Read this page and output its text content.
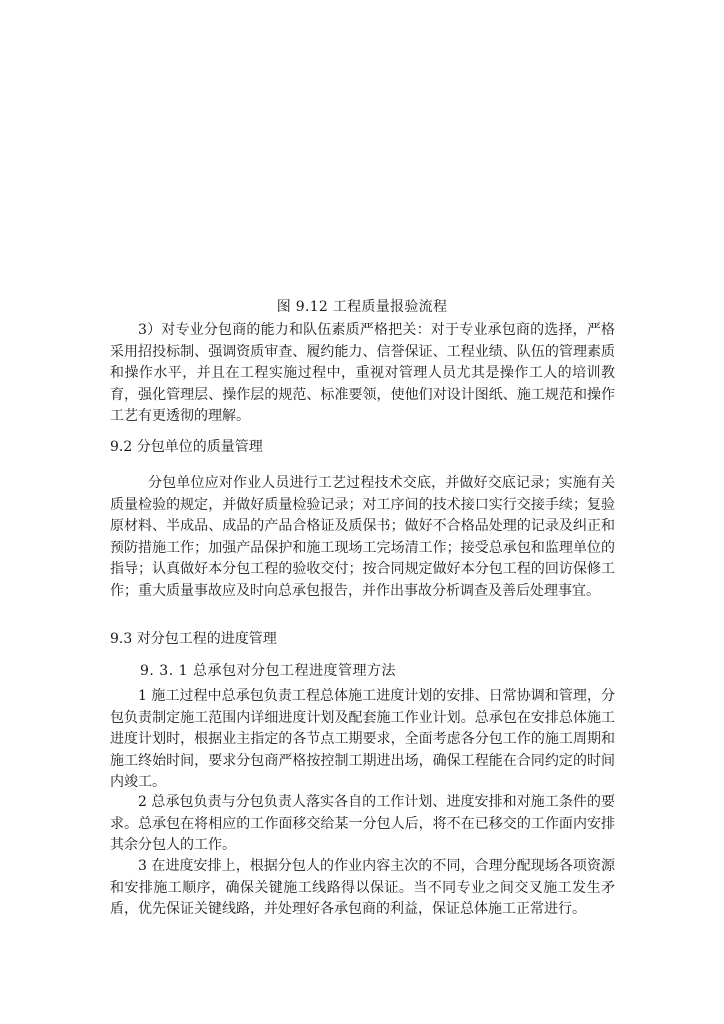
图 9.12 工程质量报验流程

3）对专业分包商的能力和队伍素质严格把关：对于专业承包商的选择，严格采用招投标制、强调资质审查、履约能力、信誉保证、工程业绩、队伍的管理素质和操作水平，并且在工程实施过程中，重视对管理人员尤其是操作工人的培训教育，强化管理层、操作层的规范、标准要领，使他们对设计图纸、施工规范和操作工艺有更透彻的理解。

9.2 分包单位的质量管理

分包单位应对作业人员进行工艺过程技术交底，并做好交底记录；实施有关质量检验的规定，并做好质量检验记录；对工序间的技术接口实行交接手续；复验原材料、半成品、成品的产品合格证及质保书；做好不合格品处理的记录及纠正和预防措施工作；加强产品保护和施工现场工完场清工作；接受总承包和监理单位的指导；认真做好本分包工程的验收交付；按合同规定做好本分包工程的回访保修工作；重大质量事故应及时向总承包报告，并作出事故分析调查及善后处理事宜。

9.3 对分包工程的进度管理

9. 3. 1 总承包对分包工程进度管理方法

1 施工过程中总承包负责工程总体施工进度计划的安排、日常协调和管理，分包负责制定施工范围内详细进度计划及配套施工作业计划。总承包在安排总体施工进度计划时，根据业主指定的各节点工期要求，全面考虑各分包工作的施工周期和施工终始时间，要求分包商严格按控制工期进出场，确保工程能在合同约定的时间内竣工。

2 总承包负责与分包负责人落实各自的工作计划、进度安排和对施工条件的要求。总承包在将相应的工作面移交给某一分包人后，将不在已移交的工作面内安排其余分包人的工作。

3 在进度安排上，根据分包人的作业内容主次的不同，合理分配现场各项资源和安排施工顺序，确保关键施工线路得以保证。当不同专业之间交叉施工发生矛盾，优先保证关键线路，并处理好各承包商的利益，保证总体施工正常进行。
